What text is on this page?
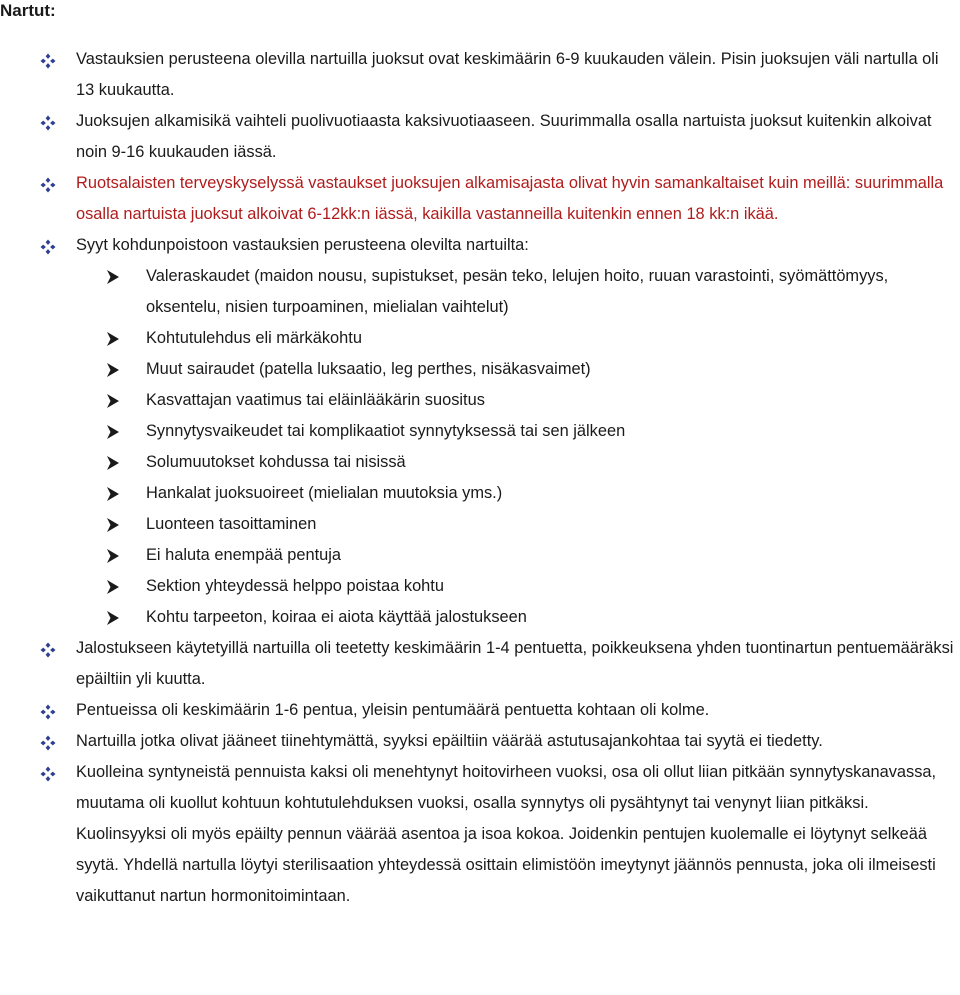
Nartut:
Vastauksien perusteena olevilla nartuilla juoksut ovat keskimäärin 6-9 kuukauden välein. Pisin juoksujen väli nartulla oli 13 kuukautta.
Juoksujen alkamisikä vaihteli puolivuotiaasta kaksivuotiaaseen. Suurimmalla osalla nartuista juoksut kuitenkin alkoivat noin 9-16 kuukauden iässä.
Ruotsalaisten terveyskyselyssä vastaukset juoksujen alkamisajasta olivat hyvin samankaltaiset kuin meillä: suurimmalla osalla nartuista juoksut alkoivat 6-12kk:n iässä, kaikilla vastanneilla kuitenkin ennen 18 kk:n ikää.
Syyt kohdunpoistoon vastauksien perusteena olevilta nartuilta:
Valeraskaudet (maidon nousu, supistukset, pesän teko, lelujen hoito, ruuan varastointi, syömättömyys, oksentelu, nisien turpoaminen, mielialan vaihtelut)
Kohtutulehdus eli märkäkohtu
Muut sairaudet (patella luksaatio, leg perthes, nisäkasvaimet)
Kasvattajan vaatimus tai eläinlääkärin suositus
Synnytysvaikeudet tai komplikaatiot synnytyksessä tai sen jälkeen
Solumuutokset kohdussa tai nisissä
Hankalat juoksuoireet (mielialan muutoksia yms.)
Luonteen tasoittaminen
Ei haluta enempää pentuja
Sektion yhteydessä helppo poistaa kohtu
Kohtu tarpeeton, koiraa ei aiota käyttää jalostukseen
Jalostukseen käytetyillä nartuilla oli teetetty keskimäärin 1-4 pentuetta, poikkeuksena yhden tuontinartun pentuemääräksi epäiltiin yli kuutta.
Pentueissa oli keskimäärin 1-6 pentua, yleisin pentumäärä pentuetta kohtaan oli kolme.
Nartuilla jotka olivat jääneet tiinehtymättä, syyksi epäiltiin väärää astutusajankohtaa tai syytä ei tiedetty.
Kuolleina syntyneistä pennuista kaksi oli menehtynyt hoitovirheen vuoksi, osa oli ollut liian pitkään synnytyskanavassa, muutama oli kuollut kohtuun kohtutulehduksen vuoksi, osalla synnytys oli pysähtynyt tai venynyt liian pitkäksi. Kuolinsyyksi oli myös epäilty pennun väärää asentoa ja isoa kokoa. Joidenkin pentujen kuolemalle ei löytynyt selkeää syytä. Yhdellä nartulla löytyi sterilisaation yhteydessä osittain elimistöön imeytynyt jäännös pennusta, joka oli ilmeisesti vaikuttanut nartun hormonitoimintaan.
